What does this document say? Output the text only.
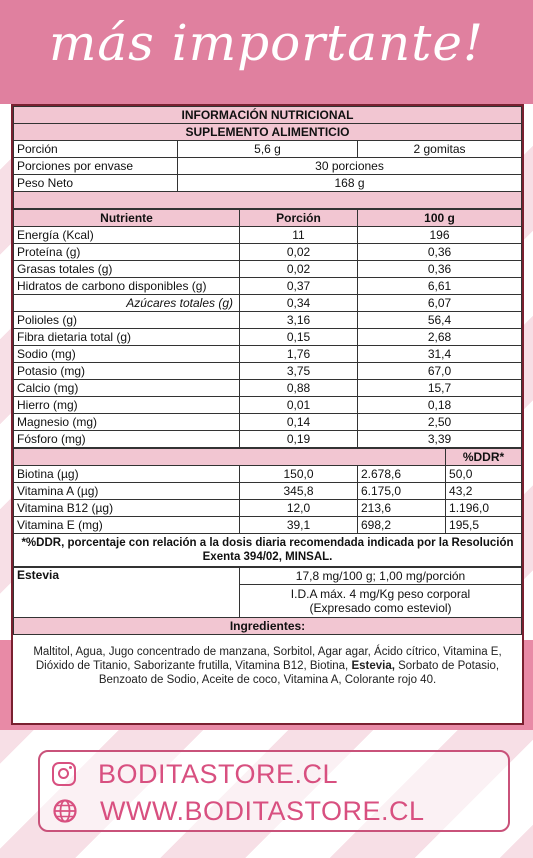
más importante!
INFORMACIÓN NUTRICIONAL		
SUPLEMENTO ALIMENTICIO		
Porción	5,6 g	2 gomitas
Porciones por envase	30 porciones	
Peso Neto	168 g	

Nutriente	Porción	100 g
Energía (Kcal)	11	196
Proteína (g)	0,02	0,36
Grasas totales (g)	0,02	0,36
Hidratos de carbono disponibles (g)	0,37	6,61
Azúcares totales (g)	0,34	6,07
Polioles (g)	3,16	56,4
Fibra dietaria total (g)	0,15	2,68
Sodio (mg)	1,76	31,4
Potasio (mg)	3,75	67,0
Calcio (mg)	0,88	15,7
Hierro (mg)	0,01	0,18
Magnesio (mg)	0,14	2,50
Fósforo (mg)	0,19	3,39
			%DDR*
Biotina (µg)	150,0	2.678,6	50,0
Vitamina A (µg)	345,8	6.175,0	43,2
Vitamina B12 (µg)	12,0	213,6	1.196,0
Vitamina E (mg)	39,1	698,2	195,5

*%DDR, porcentaje con relación a la dosis diaria recomendada indicada por la Resolución
Exenta 394/02, MINSAL.			
Estevia	17,8 mg/100 g; 1,00 mg/porción

I.D.A máx. 4 mg/Kg peso corporal
(Expresado como esteviol)

Ingredientes:
Maltitol, Agua, Jugo concentrado de manzana, Sorbitol, Agar agar, Ácido cítrico, Vitamina E, Dióxido de Titanio, Saborizante frutilla, Vitamina B12, Biotina, Estevia, Sorbato de Potasio, Benzoato de Sodio, Aceite de coco, Vitamina A, Colorante rojo 40.
BODITASTORE.CL
WWW.BODITASTORE.CL
